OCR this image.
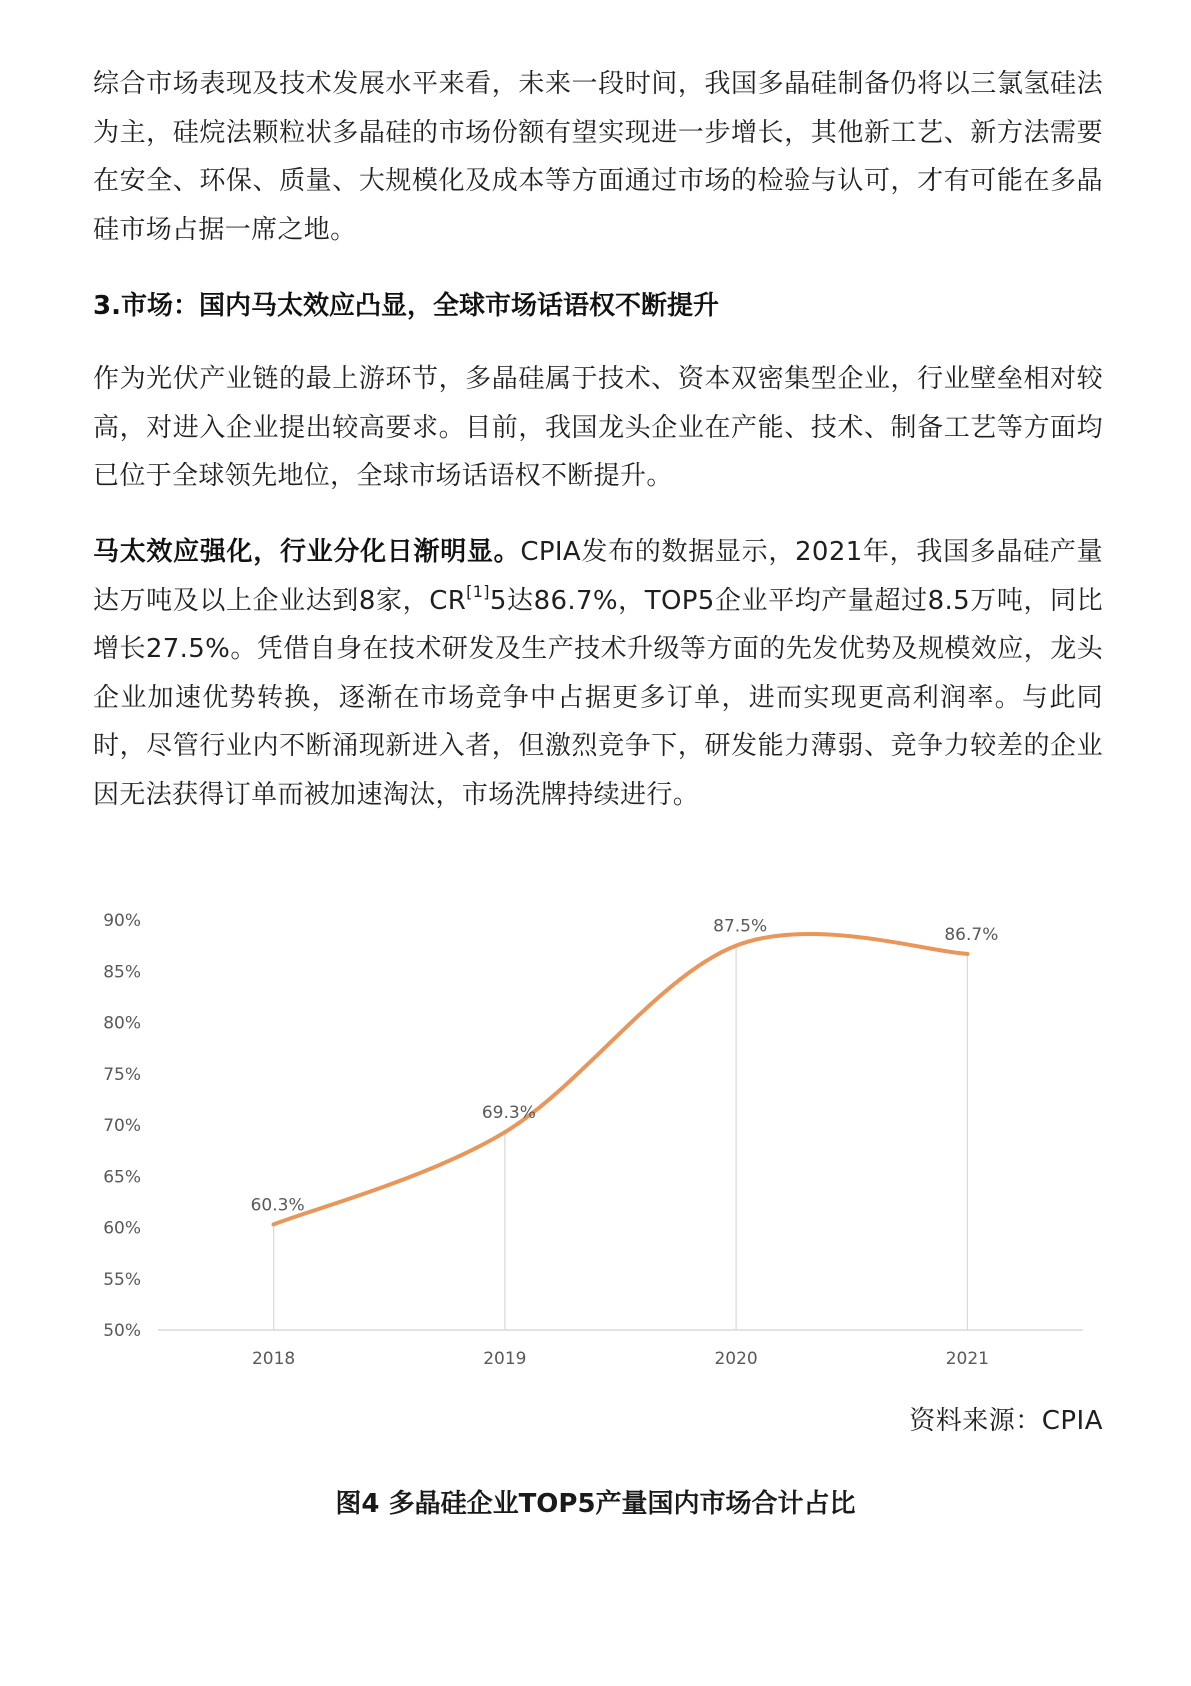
综合市场表现及技术发展水平来看，未来一段时间，我国多晶硅制备仍将以三氯氢硅法为主，硅烷法颗粒状多晶硅的市场份额有望实现进一步增长，其他新工艺、新方法需要在安全、环保、质量、大规模化及成本等方面通过市场的检验与认可，才有可能在多晶硅市场占据一席之地。

3.市场：国内马太效应凸显，全球市场话语权不断提升

作为光伏产业链的最上游环节，多晶硅属于技术、资本双密集型企业，行业壁垒相对较高，对进入企业提出较高要求。目前，我国龙头企业在产能、技术、制备工艺等方面均已位于全球领先地位，全球市场话语权不断提升。

马太效应强化，行业分化日渐明显。CPIA发布的数据显示，2021年，我国多晶硅产量达万吨及以上企业达到8家，CR[1]5达86.7%，TOP5企业平均产量超过8.5万吨，同比增长27.5%。凭借自身在技术研发及生产技术升级等方面的先发优势及规模效应，龙头企业加速优势转换，逐渐在市场竞争中占据更多订单，进而实现更高利润率。与此同时，尽管行业内不断涌现新进入者，但激烈竞争下，研发能力薄弱、竞争力较差的企业因无法获得订单而被加速淘汰，市场洗牌持续进行。

50%
55%
60%
65%
70%
75%
80%
85%
90%
2018	2019	2020	2021
60.3%
69.3%
87.5%	86.7%

资料来源：CPIA

图4 多晶硅企业TOP5产量国内市场合计占比
